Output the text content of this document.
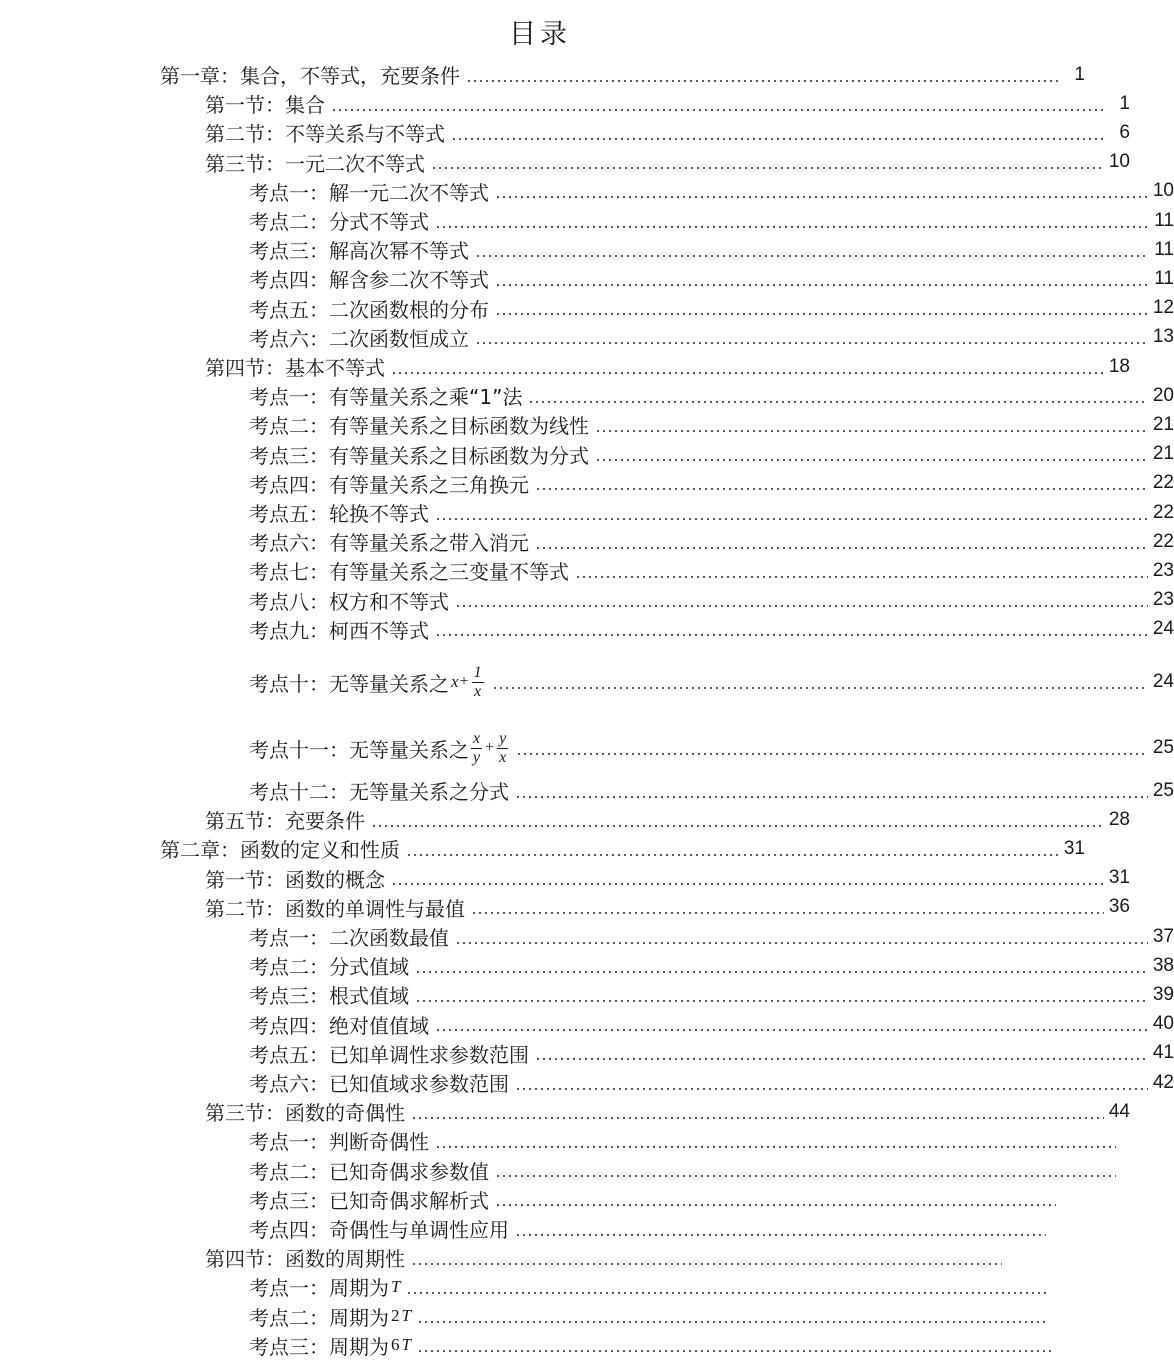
目录
第一章：集合，不等式，充要条件	1
第一节：集合	1
第二节：不等关系与不等式	6
第三节：一元二次不等式	10
考点一：解一元二次不等式	10
考点二：分式不等式	11
考点三：解高次幂不等式	11
考点四：解含参二次不等式	11
考点五：二次函数根的分布	12
考点六：二次函数恒成立	13
第四节：基本不等式	18
考点一：有等量关系之乘“1”法	20
考点二：有等量关系之目标函数为线性	21
考点三：有等量关系之目标函数为分式	21
考点四：有等量关系之三角换元	22
考点五：轮换不等式	22
考点六：有等量关系之带入消元	22
考点七：有等量关系之三变量不等式	23
考点八：权方和不等式	23
考点九：柯西不等式	24
考点十：无等量关系之 $x + \frac{1}{x}$	24
考点十一：无等量关系之 $\frac{x}{y} + \frac{y}{x}$	25
考点十二：无等量关系之分式	25
第五节：充要条件	28
第二章：函数的定义和性质	31
第一节：函数的概念	31
第二节：函数的单调性与最值	36
考点一：二次函数最值	37
考点二：分式值域	38
考点三：根式值域	39
考点四：绝对值值域	40
考点五：已知单调性求参数范围	41
考点六：已知值域求参数范围	42
第三节：函数的奇偶性	44
考点一：判断奇偶性
考点二：已知奇偶求参数值
考点三：已知奇偶求解析式
考点四：奇偶性与单调性应用
第四节：函数的周期性
考点一：周期为 T
考点二：周期为 2 T
考点三：周期为 6 T
